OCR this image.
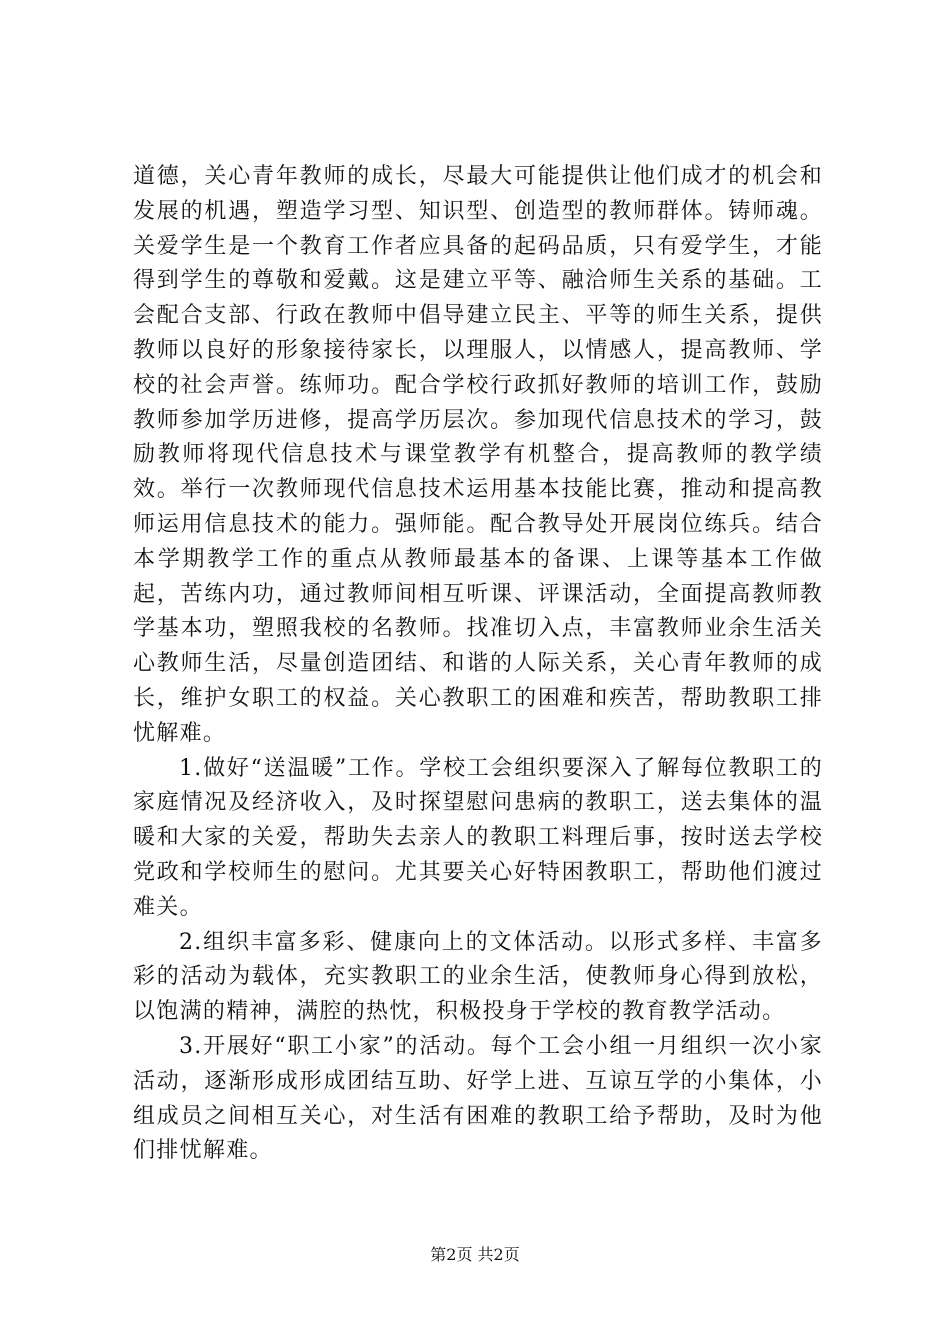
道德，关心青年教师的成长，尽最大可能提供让他们成才的机会和发展的机遇，塑造学习型、知识型、创造型的教师群体。铸师魂。关爱学生是一个教育工作者应具备的起码品质，只有爱学生，才能得到学生的尊敬和爱戴。这是建立平等、融洽师生关系的基础。工会配合支部、行政在教师中倡导建立民主、平等的师生关系，提供教师以良好的形象接待家长，以理服人，以情感人，提高教师、学校的社会声誉。练师功。配合学校行政抓好教师的培训工作，鼓励教师参加学历进修，提高学历层次。参加现代信息技术的学习，鼓励教师将现代信息技术与课堂教学有机整合，提高教师的教学绩效。举行一次教师现代信息技术运用基本技能比赛，推动和提高教师运用信息技术的能力。强师能。配合教导处开展岗位练兵。结合本学期教学工作的重点从教师最基本的备课、上课等基本工作做起，苦练内功，通过教师间相互听课、评课活动，全面提高教师教学基本功，塑照我校的名教师。找准切入点，丰富教师业余生活关心教师生活，尽量创造团结、和谐的人际关系，关心青年教师的成长，维护女职工的权益。关心教职工的困难和疾苦，帮助教职工排忧解难。

1.做好“送温暖”工作。学校工会组织要深入了解每位教职工的家庭情况及经济收入，及时探望慰问患病的教职工，送去集体的温暖和大家的关爱，帮助失去亲人的教职工料理后事，按时送去学校党政和学校师生的慰问。尤其要关心好特困教职工，帮助他们渡过难关。

2.组织丰富多彩、健康向上的文体活动。以形式多样、丰富多彩的活动为载体，充实教职工的业余生活，使教师身心得到放松，以饱满的精神，满腔的热忱，积极投身于学校的教育教学活动。

3.开展好“职工小家”的活动。每个工会小组一月组织一次小家活动，逐渐形成形成团结互助、好学上进、互谅互学的小集体，小组成员之间相互关心，对生活有困难的教职工给予帮助，及时为他们排忧解难。

第2页 共2页
